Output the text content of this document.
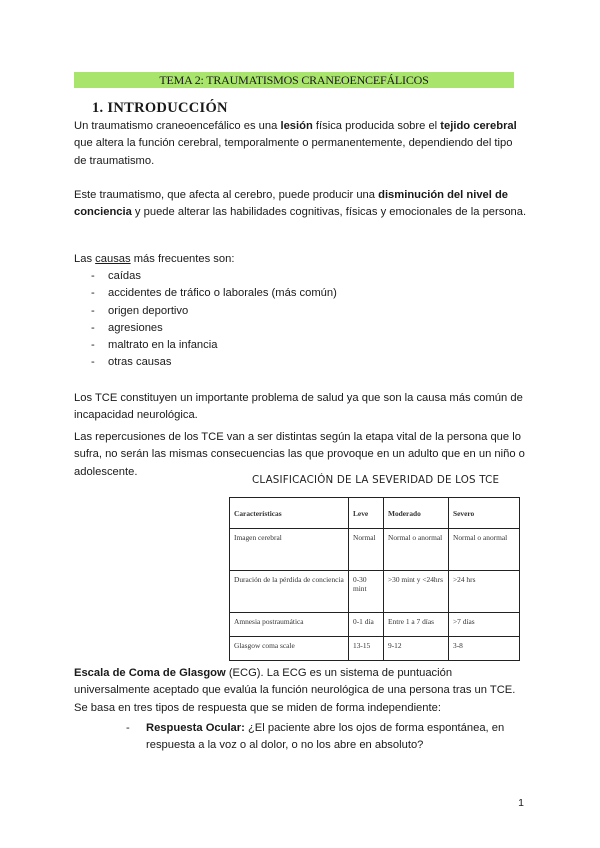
TEMA 2: TRAUMATISMOS CRANEOENCEFÁLICOS
1. INTRODUCCIÓN
Un traumatismo craneoencefálico es una lesión física producida sobre el tejido cerebral que altera la función cerebral, temporalmente o permanentemente, dependiendo del tipo de traumatismo.
Este traumatismo, que afecta al cerebro, puede producir una disminución del nivel de conciencia y puede alterar las habilidades cognitivas, físicas y emocionales de la persona.
Las causas más frecuentes son:
- caídas
- accidentes de tráfico o laborales (más común)
- origen deportivo
- agresiones
- maltrato en la infancia
- otras causas
Los TCE constituyen un importante problema de salud ya que son la causa más común de incapacidad neurológica.
Las repercusiones de los TCE van a ser distintas según la etapa vital de la persona que lo sufra, no serán las mismas consecuencias las que provoque en un adulto que en un niño o adolescente.
CLASIFICACIÓN DE LA SEVERIDAD DE LOS TCE
Características	Leve	Moderado	Severo
Imagen cerebral	Normal	Normal o anormal	Normal o anormal
Duración de la pérdida de conciencia	0-30 mint	>30 mint y <24hrs	>24 hrs
Amnesia postraumática	0-1 día	Entre 1 a 7 días	>7 días
Glasgow coma scale	13-15	9-12	3-8
Escala de Coma de Glasgow (ECG). La ECG es un sistema de puntuación universalmente aceptado que evalúa la función neurológica de una persona tras un TCE. Se basa en tres tipos de respuesta que se miden de forma independiente:
- Respuesta Ocular: ¿El paciente abre los ojos de forma espontánea, en respuesta a la voz o al dolor, o no los abre en absoluto?
1
